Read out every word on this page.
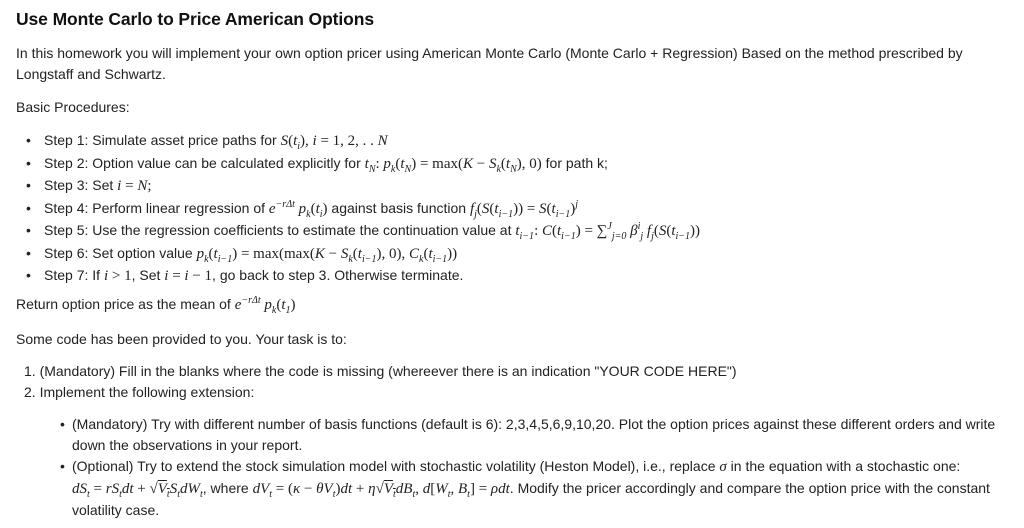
Use Monte Carlo to Price American Options

In this homework you will implement your own option pricer using American Monte Carlo (Monte Carlo + Regression) Based on the method prescribed by

Longstaff and Schwartz.

Basic Procedures:

• Step 1: Simulate asset price paths for $S(t_i)$, i = 1, 2, . . N
• Step 2: Option value can be calculated explicitly for $t_N$: $p_k(t_N) = \max(K - S_k(t_N)$, 0) for path k;
• Step 3: Set i = N;
• Step 4: Perform linear regression of $e^{-r\Delta t}$ $p_k(t_i)$ against basis function $f_j(S(t_{i-1})) = S(t_{i-1})^j$
• Step 5: Use the regression coefficients to estimate the continuation value at $t_{i-1}$: $C(t_{i-1}) = \sum^J_{j=0}$ $\beta^i_j$ $f_j(S(t_{i-1}))$
• Step 6: Set option value $p_k(t_{i-1}) = \max(\max(K - S_k(t_{i-1})$, 0), $C_k(t_{i-1})$)
• Step 7: If i > 1, Set i = i − 1, go back to step 3. Otherwise terminate.

Return option price as the mean of $e^{-r\Delta t}$ $p_k(t_1)$

Some code has been provided to you. Your task is to:

1. (Mandatory) Fill in the blanks where the code is missing (whereever there is an indication "YOUR CODE HERE")
2. Implement the following extension:
• (Mandatory) Try with different number of basis functions (default is 6): 2,3,4,5,6,9,10,20. Plot the option prices against these different orders and write down the observations in your report.
• (Optional) Try to extend the stock simulation model with stochastic volatility (Heston Model), i.e., replace σ in the equation with a stochastic one:
$dS_t = rS_tdt + √V_tS_tdW_t$, where $dV_t = (\kappa - \theta V_t)dt + \eta√V_tdB_t$, $d[W_t$, $B_t] = \rho dt$. Modify the pricer accordingly and compare the option price with the constant volatility case.
